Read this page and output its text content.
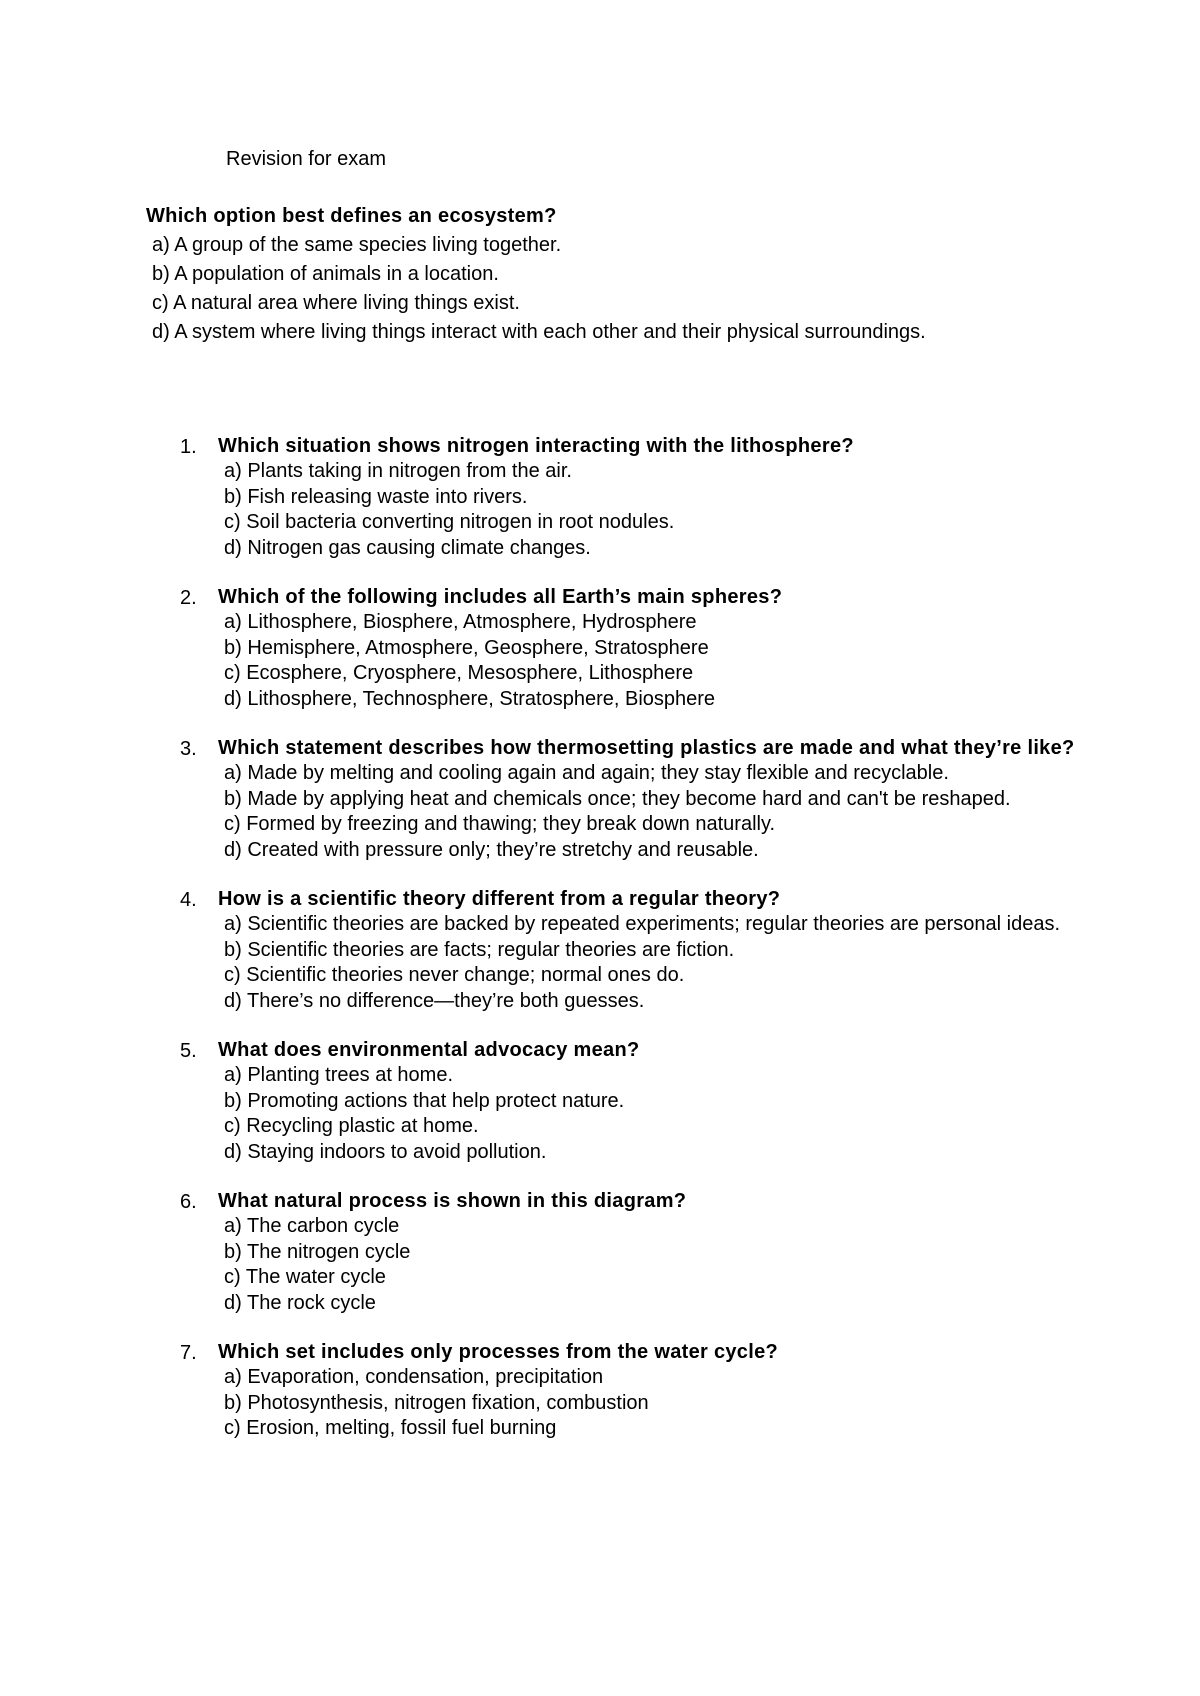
Revision for exam

Which option best defines an ecosystem?

a) A group of the same species living together.

b) A population of animals in a location.

c) A natural area where living things exist.

d) A system where living things interact with each other and their physical surroundings.

1. Which situation shows nitrogen interacting with the lithosphere?

a) Plants taking in nitrogen from the air.
b) Fish releasing waste into rivers.
c) Soil bacteria converting nitrogen in root nodules.
d) Nitrogen gas causing climate changes.
2. Which of the following includes all Earth’s main spheres?

a) Lithosphere, Biosphere, Atmosphere, Hydrosphere
b) Hemisphere, Atmosphere, Geosphere, Stratosphere
c) Ecosphere, Cryosphere, Mesosphere, Lithosphere
d) Lithosphere, Technosphere, Stratosphere, Biosphere
3. Which statement describes how thermosetting plastics are made and what they’re like?

a) Made by melting and cooling again and again; they stay flexible and recyclable.
b) Made by applying heat and chemicals once; they become hard and can't be reshaped.
c) Formed by freezing and thawing; they break down naturally.
d) Created with pressure only; they’re stretchy and reusable.
4. How is a scientific theory different from a regular theory?

a) Scientific theories are backed by repeated experiments; regular theories are personal ideas.
b) Scientific theories are facts; regular theories are fiction.
c) Scientific theories never change; normal ones do.
d) There’s no difference—they’re both guesses.
5. What does environmental advocacy mean?

a) Planting trees at home.
b) Promoting actions that help protect nature.
c) Recycling plastic at home.
d) Staying indoors to avoid pollution.
6. What natural process is shown in this diagram?

a) The carbon cycle
b) The nitrogen cycle
c) The water cycle
d) The rock cycle
7. Which set includes only processes from the water cycle?

a) Evaporation, condensation, precipitation
b) Photosynthesis, nitrogen fixation, combustion
c) Erosion, melting, fossil fuel burning
